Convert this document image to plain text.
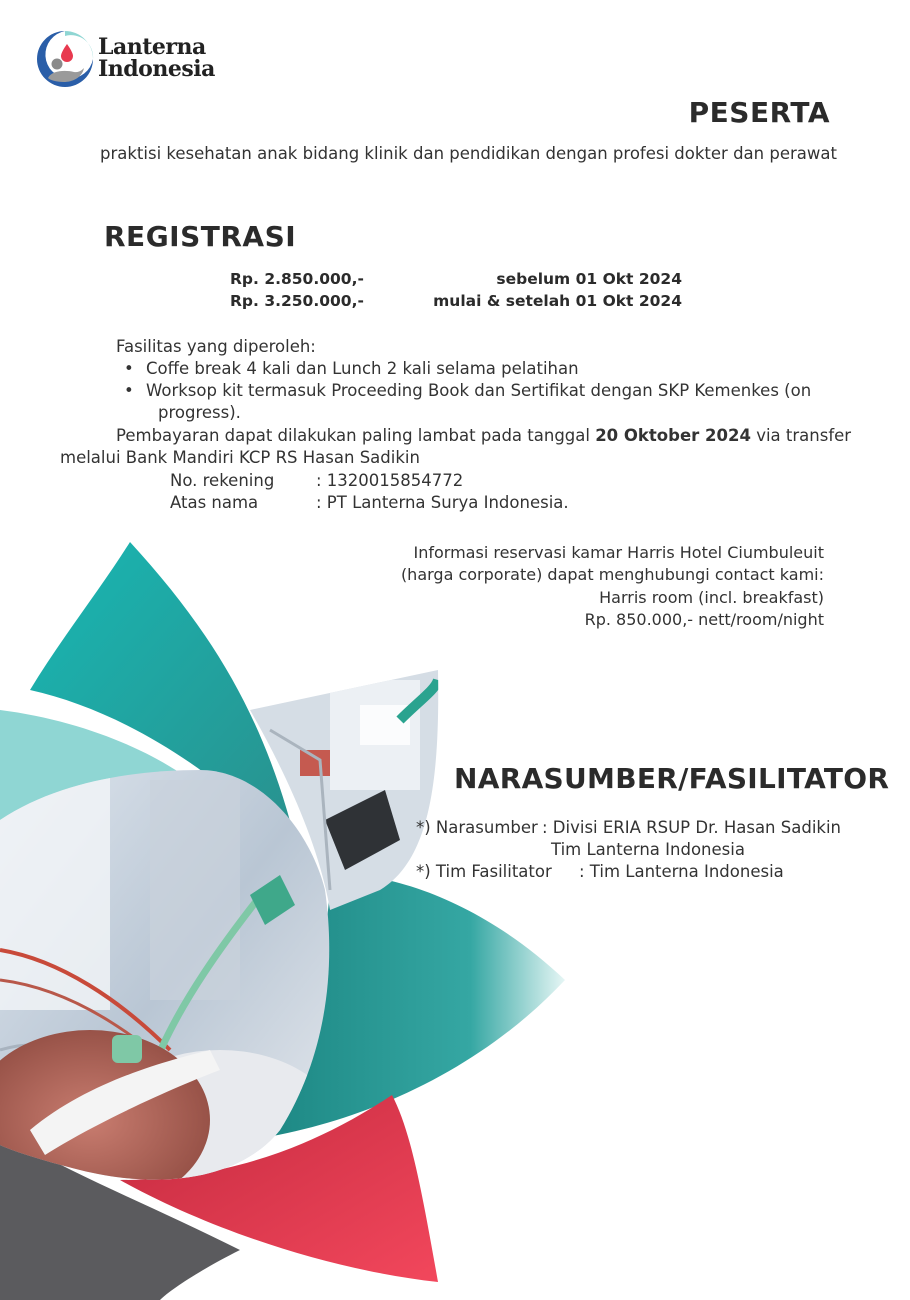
Lanterna
Indonesia
PESERTA
praktisi kesehatan anak bidang klinik dan pendidikan dengan profesi dokter dan perawat
REGISTRASI
Rp. 2.850.000,-	sebelum 01 Okt 2024
Rp. 3.250.000,-	mulai & setelah 01 Okt 2024
Fasilitas yang diperoleh:
• Coffe break 4 kali dan Lunch 2 kali selama pelatihan
• Worksop kit termasuk Proceeding Book dan Sertifikat dengan SKP Kemenkes (on
progress).
Pembayaran dapat dilakukan paling lambat pada tanggal 20 Oktober 2024 via transfer
melalui Bank Mandiri KCP RS Hasan Sadikin
No. rekening	: 1320015854772
Atas nama	: PT Lanterna Surya Indonesia.
Informasi reservasi kamar Harris Hotel Ciumbuleuit
(harga corporate) dapat menghubungi contact kami:
Harris room (incl. breakfast)
Rp. 850.000,- nett/room/night
NARASUMBER/FASILITATOR
*) Narasumber : Divisi ERIA RSUP Dr. Hasan Sadikin
Tim Lanterna Indonesia
*) Tim Fasilitator : Tim Lanterna Indonesia
